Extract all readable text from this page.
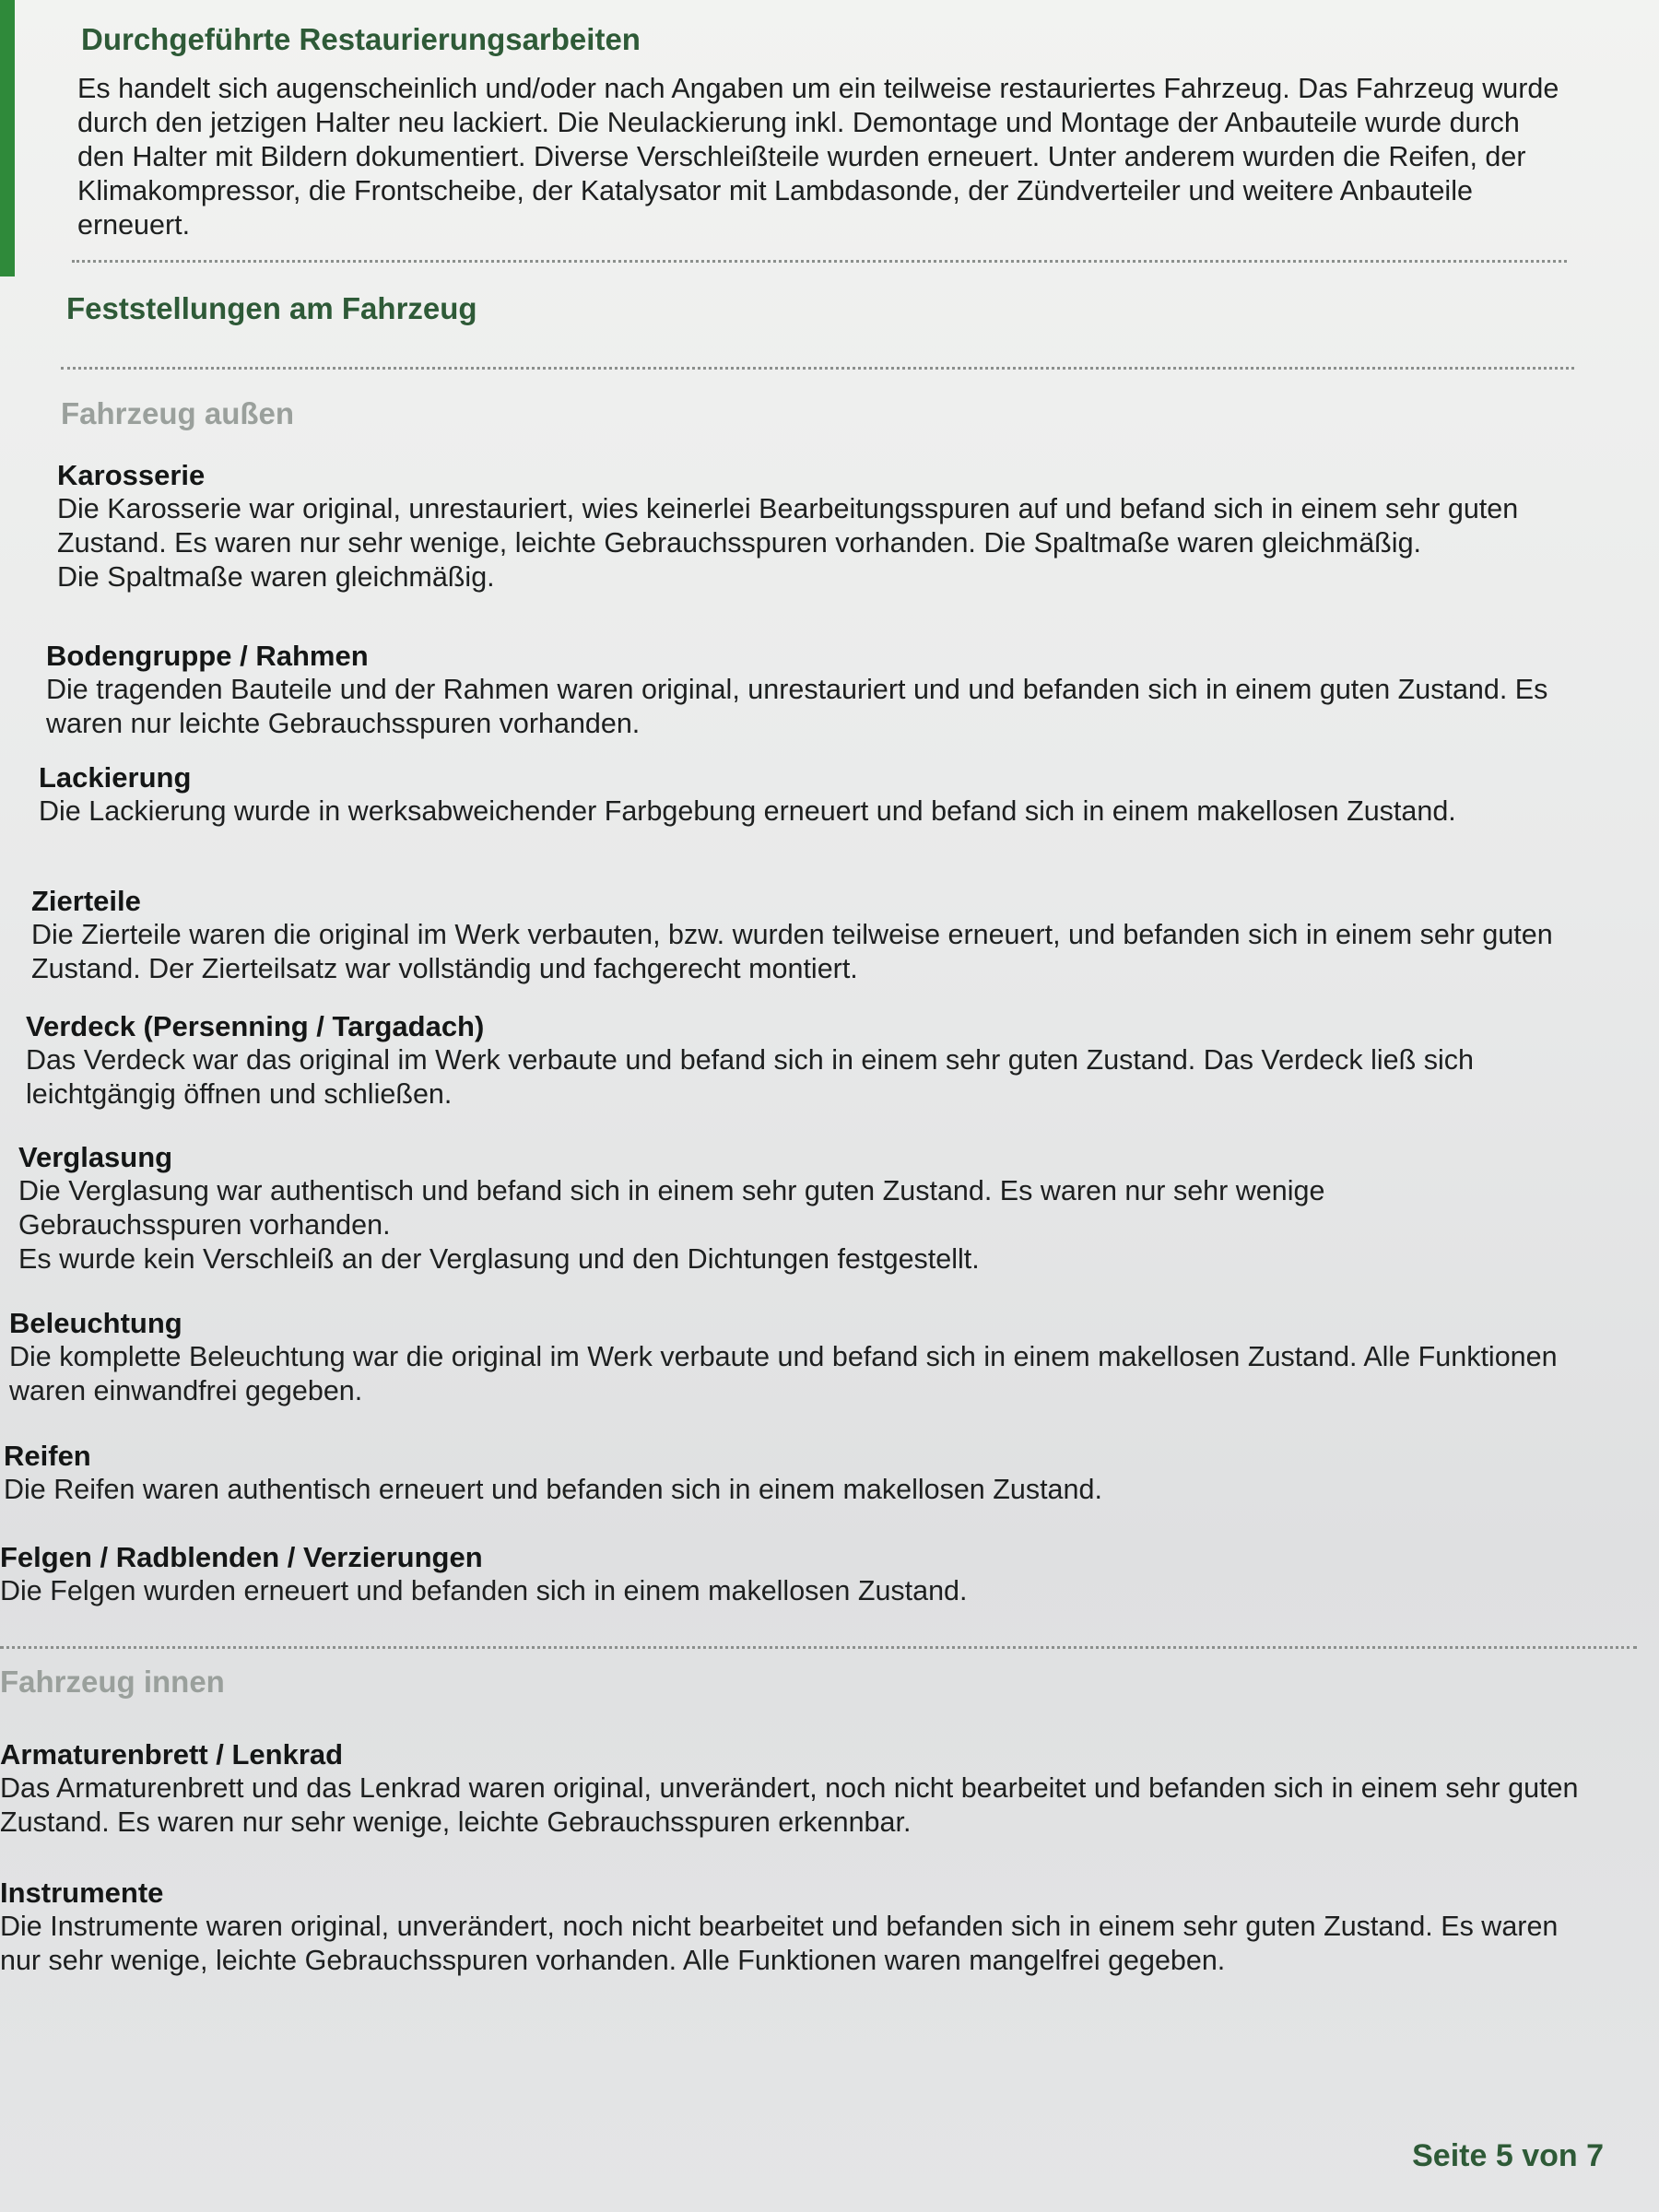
Durchgeführte Restaurierungsarbeiten

Es handelt sich augenscheinlich und/oder nach Angaben um ein teilweise restauriertes Fahrzeug. Das Fahrzeug wurde durch den jetzigen Halter neu lackiert. Die Neulackierung inkl. Demontage und Montage der Anbauteile wurde durch den Halter mit Bildern dokumentiert. Diverse Verschleißteile wurden erneuert. Unter anderem wurden die Reifen, der Klimakompressor, die Frontscheibe, der Katalysator mit Lambdasonde, der Zündverteiler und weitere Anbauteile erneuert.

Feststellungen am Fahrzeug
Fahrzeug außen
Karosserie

Die Karosserie war original, unrestauriert, wies keinerlei Bearbeitungsspuren auf und befand sich in einem sehr guten Zustand. Es waren nur sehr wenige, leichte Gebrauchsspuren vorhanden. Die Spaltmaße waren gleichmäßig.

Die Spaltmaße waren gleichmäßig.

Bodengruppe / Rahmen

Die tragenden Bauteile und der Rahmen waren original, unrestauriert und und befanden sich in einem guten Zustand. Es waren nur leichte Gebrauchsspuren vorhanden.

Lackierung

Die Lackierung wurde in werksabweichender Farbgebung erneuert und befand sich in einem makellosen Zustand.

Zierteile

Die Zierteile waren die original im Werk verbauten, bzw. wurden teilweise erneuert, und befanden sich in einem sehr guten Zustand. Der Zierteilsatz war vollständig und fachgerecht montiert.

Verdeck (Persenning / Targadach)

Das Verdeck war das original im Werk verbaute und befand sich in einem sehr guten Zustand. Das Verdeck ließ sich leichtgängig öffnen und schließen.

Verglasung

Die Verglasung war authentisch und befand sich in einem sehr guten Zustand. Es waren nur sehr wenige Gebrauchsspuren vorhanden.

Es wurde kein Verschleiß an der Verglasung und den Dichtungen festgestellt.

Beleuchtung

Die komplette Beleuchtung war die original im Werk verbaute und befand sich in einem makellosen Zustand. Alle Funktionen waren einwandfrei gegeben.

Reifen

Die Reifen waren authentisch erneuert und befanden sich in einem makellosen Zustand.

Felgen / Radblenden / Verzierungen

Die Felgen wurden erneuert und befanden sich in einem makellosen Zustand.

Fahrzeug innen
Armaturenbrett / Lenkrad

Das Armaturenbrett und das Lenkrad waren original, unverändert, noch nicht bearbeitet und befanden sich in einem sehr guten Zustand. Es waren nur sehr wenige, leichte Gebrauchsspuren erkennbar.

Instrumente

Die Instrumente waren original, unverändert, noch nicht bearbeitet und befanden sich in einem sehr guten Zustand. Es waren nur sehr wenige, leichte Gebrauchsspuren vorhanden. Alle Funktionen waren mangelfrei gegeben.

Seite 5 von 7
